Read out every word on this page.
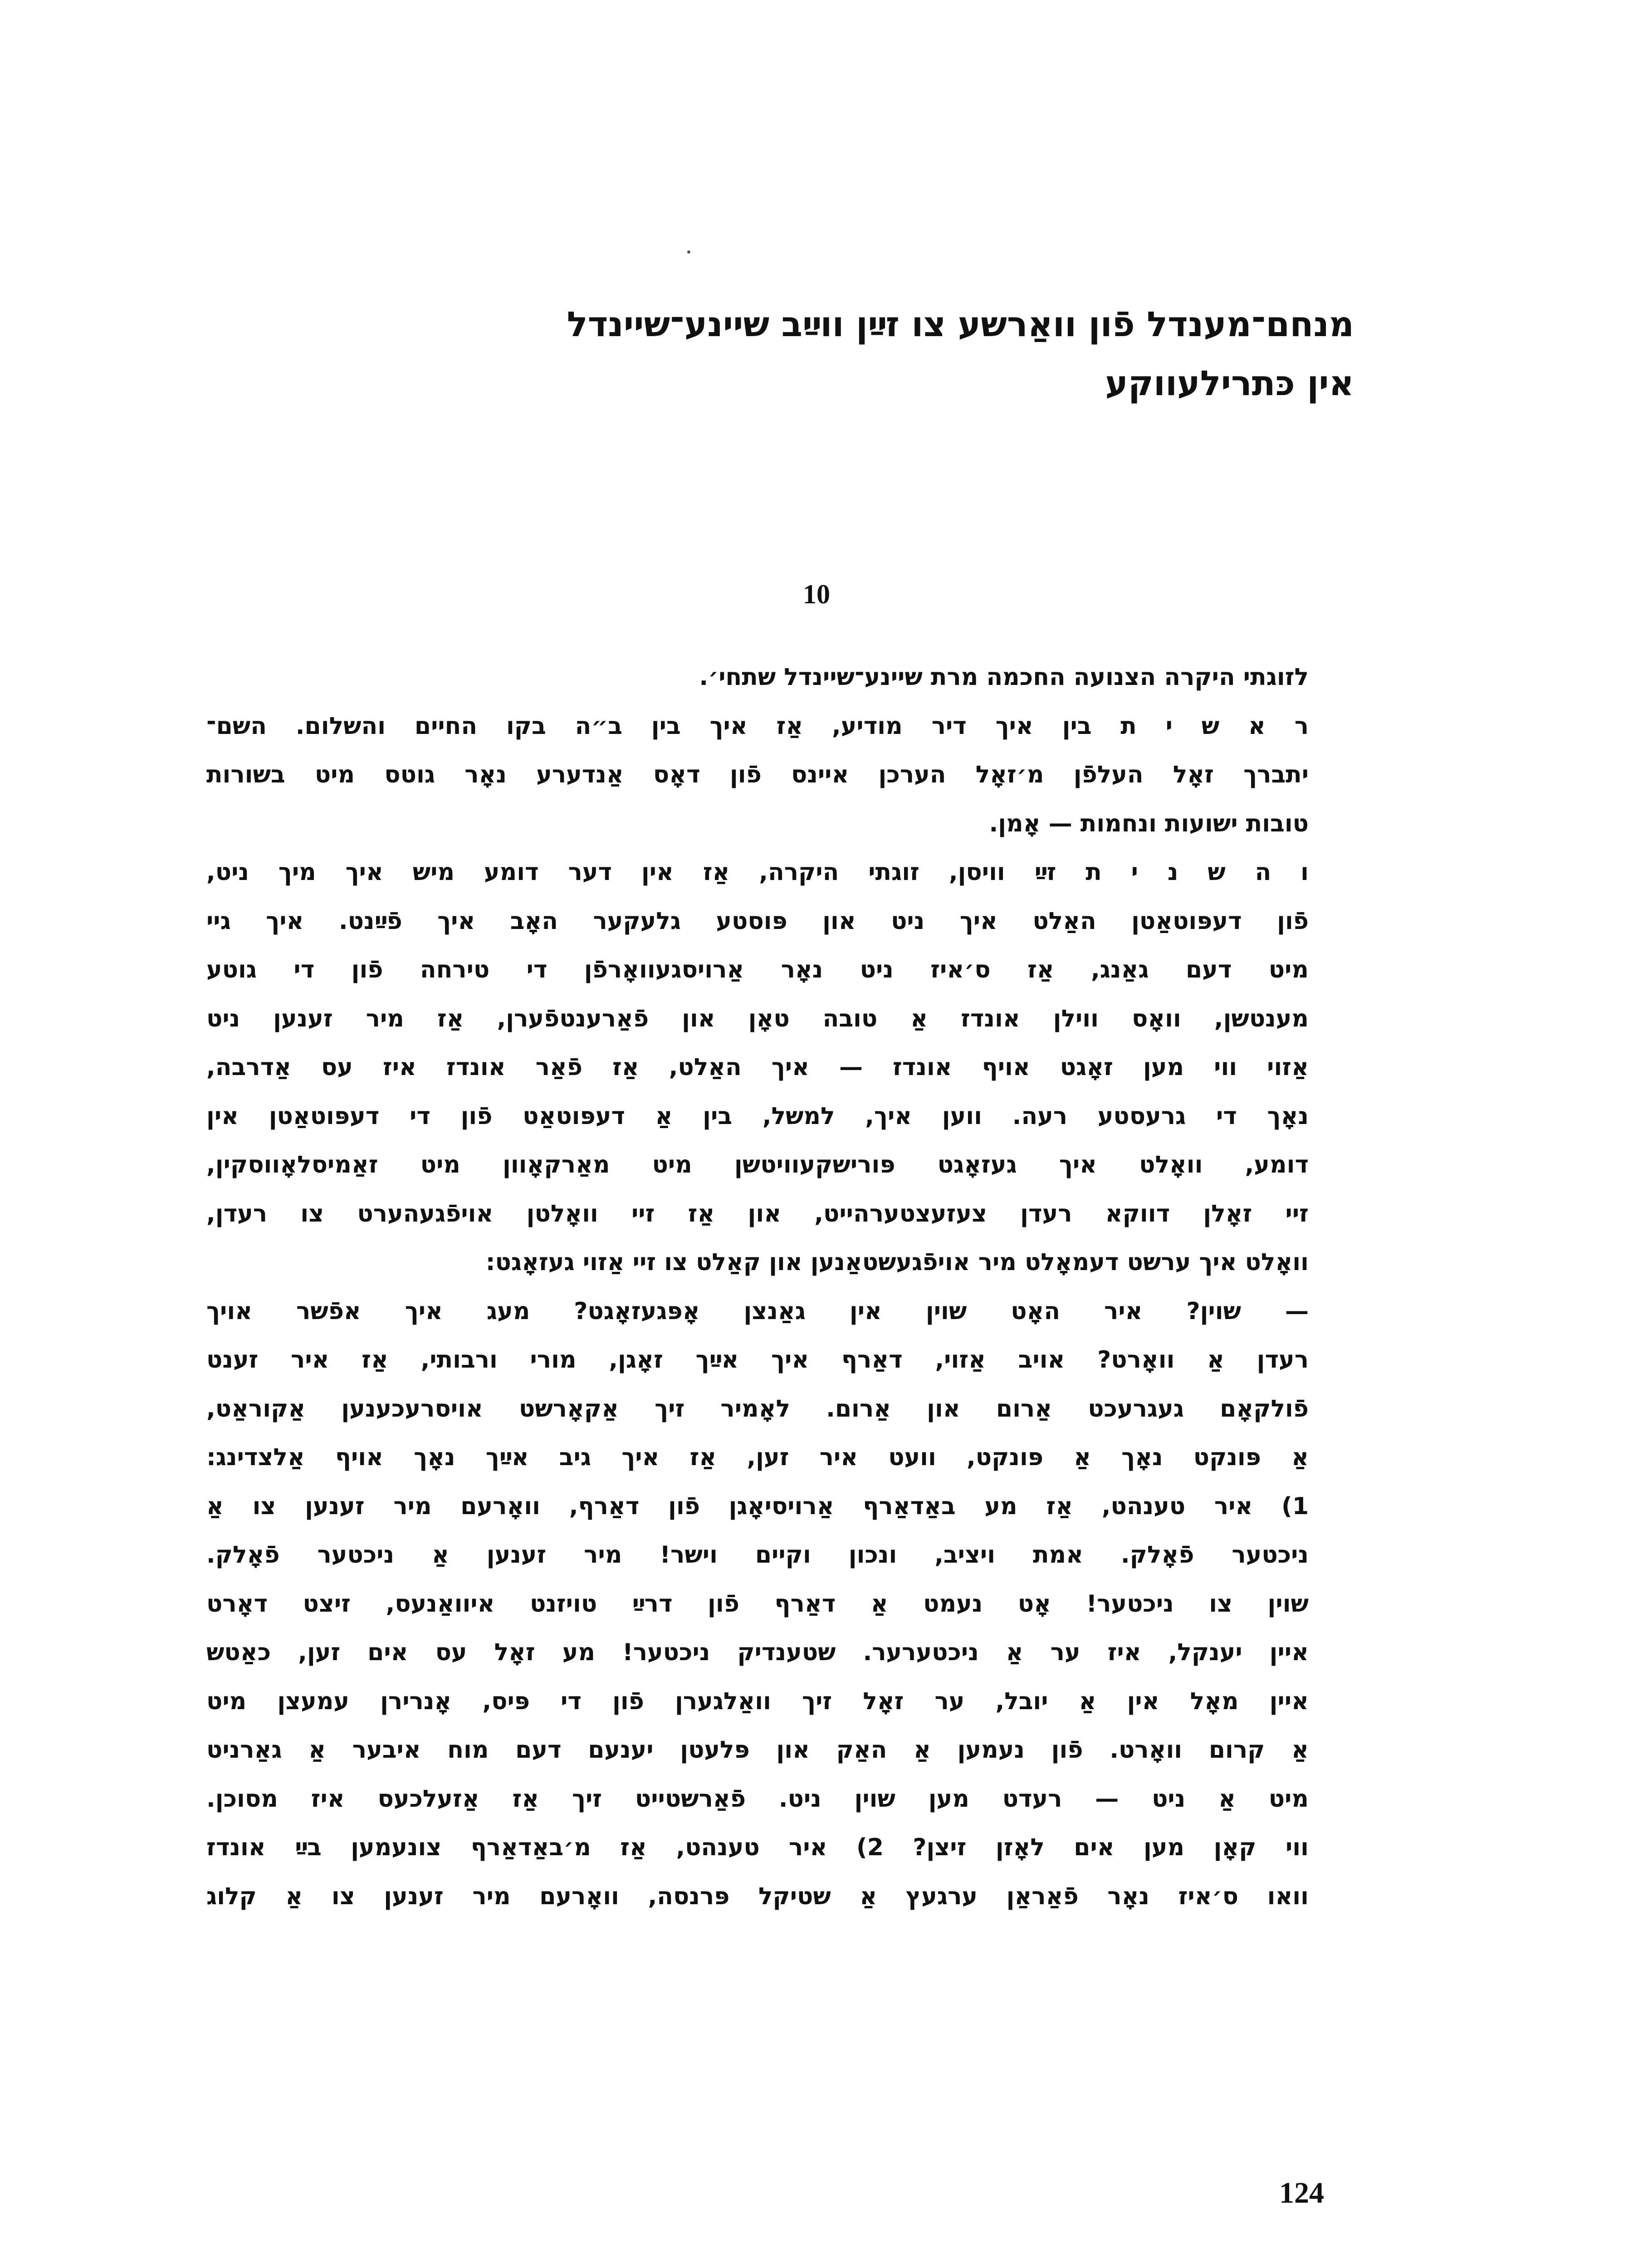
מנחם־מענדל פֿון וואַרשע צו זײַן ווײַב שיינע־שיינדל
אין כּתרילעווקע
10
לזוגתי היקרה הצנועה החכמה מרת שיינע־שיינדל שתחי׳.
ר א ש י ת בין איך דיר מודיע, אַז איך בין ב״ה בקו החיים והשלום. השם־
יתברך זאָל העלפֿן מ׳זאָל הערכן איינס פֿון דאָס אַנדערע נאָר גוטס מיט בשורות
טובות ישועות ונחמות — אָמן.
ו ה ש נ י ת זײַ וויסן, זוגתי היקרה, אַז אין דער דומע מיש איך מיך ניט,
פֿון דעפּוטאַטן האַלט איך ניט און פּוסטע גלעקער האָב איך פֿײַנט. איך גיי
מיט דעם גאַנג, אַז ס׳איז ניט נאָר אַרויסגעוואָרפֿן די טירחה פֿון די גוטע
מענטשן, וואָס ווילן אונדז אַ טובה טאָן און פֿאַרענטפֿערן, אַז מיר זענען ניט
אַזוי ווי מען זאָגט אויף אונדז — איך האַלט, אַז פֿאַר אונדז איז עס אַדרבה,
נאָך די גרעסטע רעה. ווען איך, למשל, בין אַ דעפּוטאַט פֿון די דעפּוטאַטן אין
דומע, וואָלט איך געזאָגט פּורישקעוויטשן מיט מאַרקאָוון מיט זאַמיסלאָווסקין,
זיי זאָלן דווקא רעדן צעזעצטערהייט, און אַז זיי וואָלטן אויפֿגעהערט צו רעדן,
וואָלט איך ערשט דעמאָלט מיר אויפֿגעשטאַנען און קאַלט צו זיי אַזוי געזאָגט:
— שוין? איר האָט שוין אין גאַנצן אָפּגעזאָגט? מעג איך אפֿשר אויך
רעדן אַ וואָרט? אויב אַזוי, דאַרף איך אײַך זאָגן, מורי ורבותי, אַז איר זענט
פֿולקאָם געגרעכט אַרום און אַרום. לאָמיר זיך אַקאָרשט אויסרעכענען אַקוראַט,
אַ פּונקט נאָך אַ פּונקט, וועט איר זען, אַז איך גיב אײַך נאָך אויף אַלצדינג:
1) איר טענהט, אַז מע באַדאַרף אַרויסיאָגן פֿון דאַרף, וואָרעם מיר זענען צו אַ
ניכטער פֿאָלק. אמת ויציב, ונכון וקיים וישר! מיר זענען אַ ניכטער פֿאָלק.
שוין צו ניכטער! אָט נעמט אַ דאַרף פֿון דרײַ טויזנט איוואַנעס, זיצט דאָרט
איין יענקל, איז ער אַ ניכטערער. שטענדיק ניכטער! מע זאָל עס אים זען, כאַטש
איין מאָל אין אַ יובל, ער זאָל זיך וואַלגערן פֿון די פּיס, אָנרירן עמעצן מיט
אַ קרום וואָרט. פֿון נעמען אַ האַק און פּלעטן יענעם דעם מוח איבער אַ גאַרניט
מיט אַ ניט — רעדט מען שוין ניט. פֿאַרשטייט זיך אַז אַזעלכעס איז מסוכן.
ווי קאָן מען אים לאָזן זיצן? 2) איר טענהט, אַז מ׳באַדאַרף צונעמען בײַ אונדז
וואו ס׳איז נאָר פֿאַראַן ערגעץ אַ שטיקל פּרנסה, וואָרעם מיר זענען צו אַ קלוג
124
